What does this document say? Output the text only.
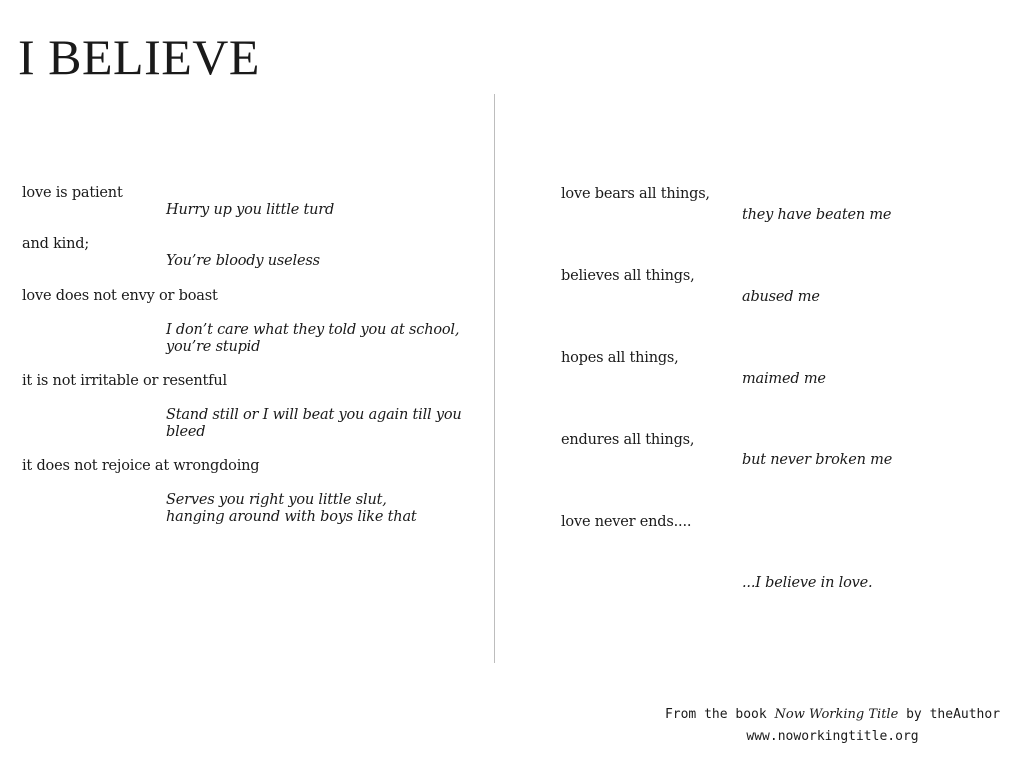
I BELIEVE
love is patient
Hurry up you little turd
and kind;
You’re bloody useless
love does not envy or boast
I don’t care what they told you at school,
you’re stupid
it is not irritable or resentful
Stand still or I will beat you again till you
bleed
it does not rejoice at wrongdoing
Serves you right you little slut,
hanging around with boys like that
love bears all things,
they have beaten me
believes all things,
abused me
hopes all things,
maimed me
endures all things,
but never broken me
love never ends....
...I believe in love.
From the book Now Working Title by theAuthor
www.noworkingtitle.org
